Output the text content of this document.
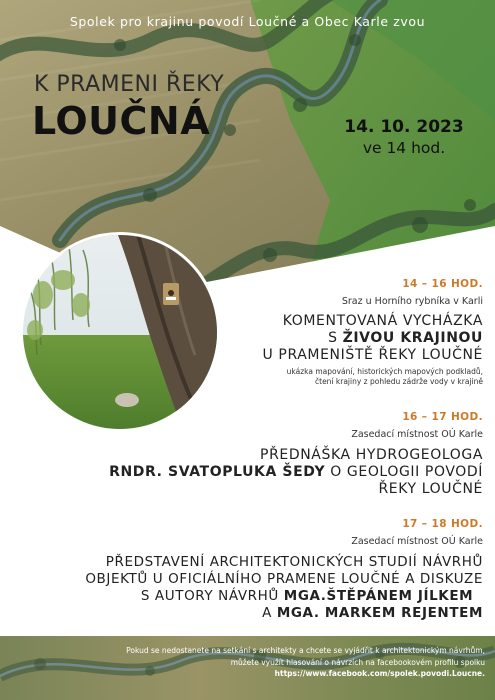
Spolek pro krajinu povodí Loučné a Obec Karle zvou
K PRAMENI ŘEKY
LOUČNÁ	14. 10. 2023
ve 14 hod.
14 – 16 HOD.
Sraz u Horního rybníka v Karli
KOMENTOVANÁ VYCHÁZKA
S ŽIVOU KRAJINOU
U PRAMENIŠTĚ ŘEKY LOUČNÉ
ukázka mapování, historických mapových podkladů,
čtení krajiny z pohledu zádrže vody v krajině
16 – 17 HOD.
Zasedací místnost OÚ Karle
PŘEDNÁŠKA HYDROGEOLOGA
RNDR. SVATOPLUKA ŠEDY O GEOLOGII POVODÍ
ŘEKY LOUČNÉ
17 – 18 HOD.
Zasedací místnost OÚ Karle
PŘEDSTAVENÍ ARCHITEKTONICKÝCH STUDIÍ NÁVRHŮ
OBJEKTŮ U OFICIÁLNÍHO PRAMENE LOUČNÉ A DISKUZE
S AUTORY NÁVRHŮ MGA.ŠTĚPÁNEM JÍLKEM
A MGA. MARKEM REJENTEM
Pokud se nedostanete na setkání s architekty a chcete se vyjádřit k architektonickým návrhům,
můžete využít hlasování o návrzích na facebookovém profilu spolku
https://www.facebook.com/spolek.povodi.Loucne.
